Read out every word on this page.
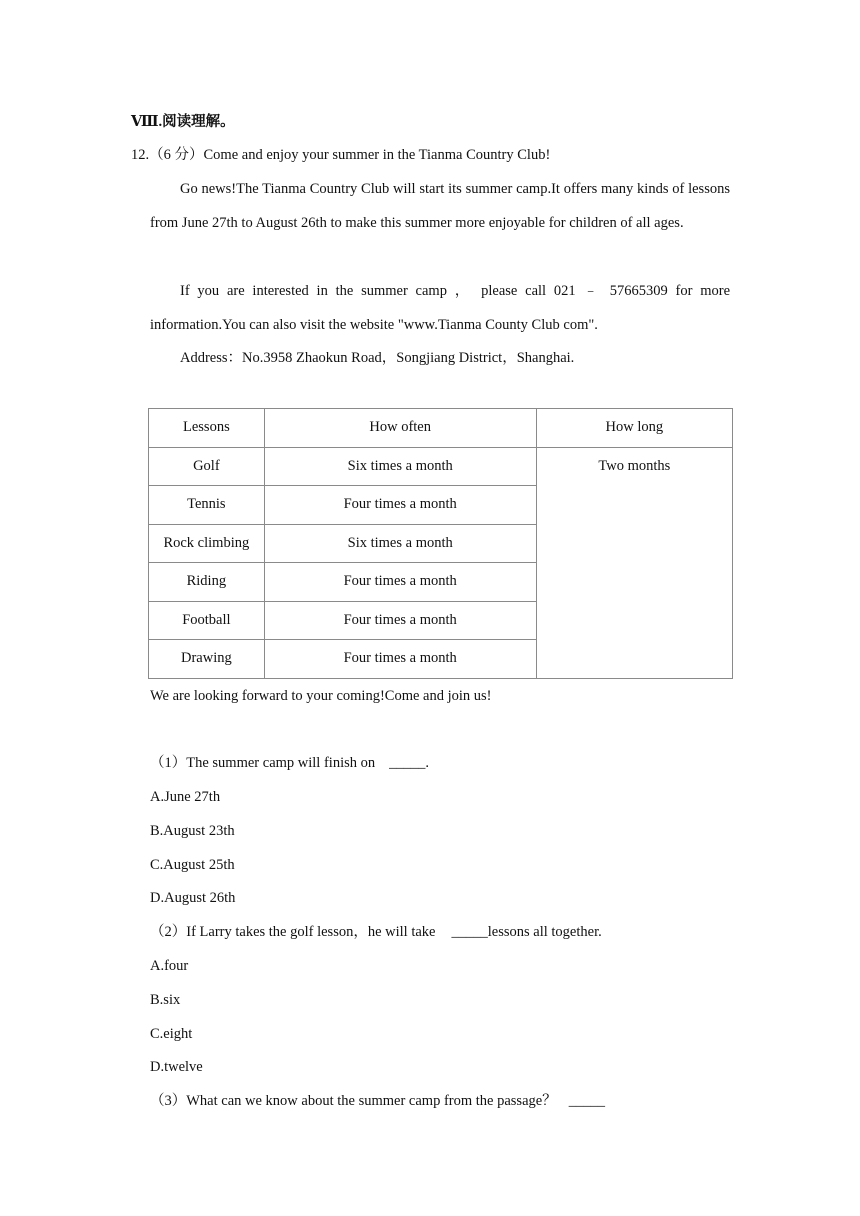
Ⅷ.阅读理解。
12.（6 分）Come and enjoy your summer in the Tianma Country Club!

Go news!The Tianma Country Club will start its summer camp.It offers many kinds of lessons from June 27th to August 26th to make this summer more enjoyable for children of all ages.

If you are interested in the summer camp ， please call 021 ﹣ 57665309 for more information.You can also visit the website "www.Tianma County Club com".

Address：No.3958 Zhaokun Road，Songjiang District，Shanghai.

Lessons	How often	How long
Golf	Six times a month	Two months
Tennis	Four times a month	
Rock climbing	Six times a month	
Riding	Four times a month	
Football	Four times a month	
Drawing	Four times a month	
We are looking forward to your coming!Come and join us!
（1）The summer camp will finish on _____.
A.June 27th
B.August 23th
C.August 25th
D.August 26th
（2）If Larry takes the golf lesson，he will take _____lessons all together.
A.four
B.six
C.eight
D.twelve
（3）What can we know about the summer camp from the passage？ _____
